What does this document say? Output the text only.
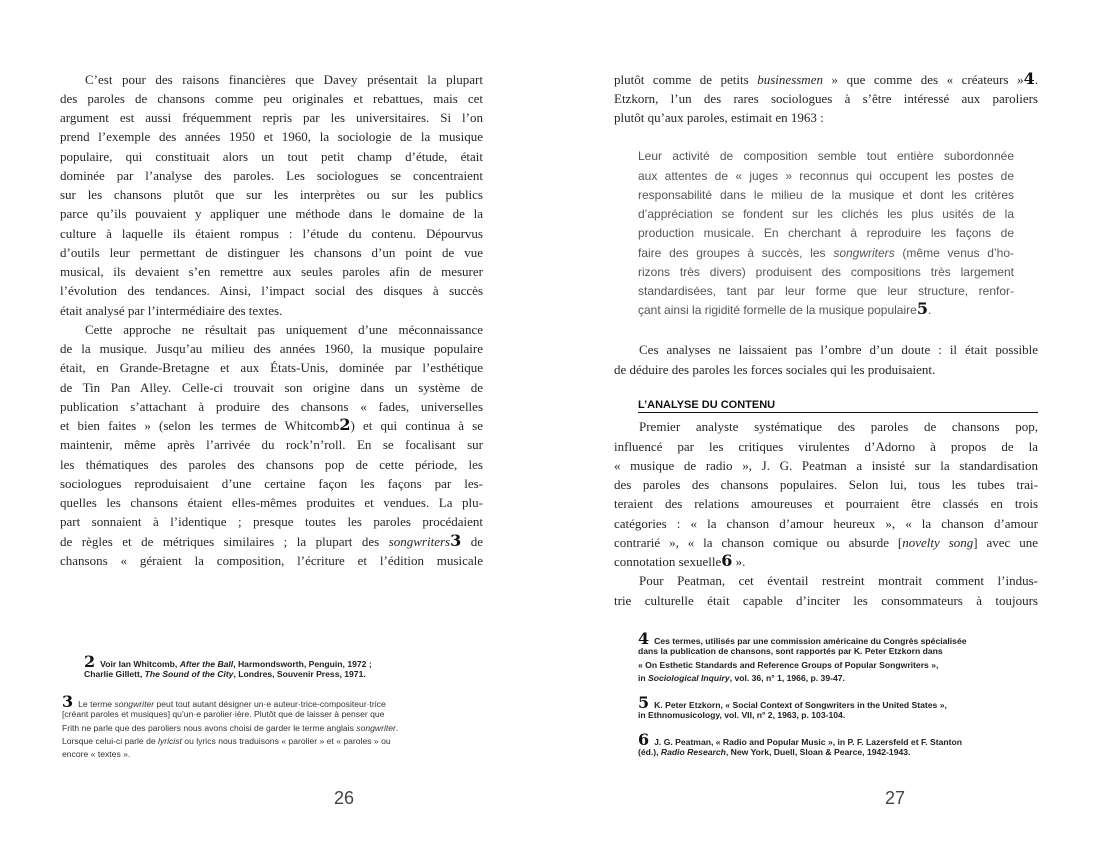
C’est pour des raisons financières que Davey présentait la plupart
des paroles de chansons comme peu originales et rebattues, mais cet
argument est aussi fréquemment repris par les universitaires. Si l’on
prend l’exemple des années 1950 et 1960, la sociologie de la musique
populaire, qui constituait alors un tout petit champ d’étude, était
dominée par l’analyse des paroles. Les sociologues se concentraient
sur les chansons plutôt que sur les interprètes ou sur les publics
parce qu’ils pouvaient y appliquer une méthode dans le domaine de la
culture à laquelle ils étaient rompus : l’étude du contenu. Dépourvus
d’outils leur permettant de distinguer les chansons d’un point de vue
musical, ils devaient s’en remettre aux seules paroles afin de mesurer
l’évolution des tendances. Ainsi, l’impact social des disques à succès
était analysé par l’intermédiaire des textes.
Cette approche ne résultait pas uniquement d’une méconnaissance
de la musique. Jusqu’au milieu des années 1960, la musique populaire
était, en Grande-Bretagne et aux États-Unis, dominée par l’esthétique
de Tin Pan Alley. Celle-ci trouvait son origine dans un système de
publication s’attachant à produire des chansons « fades, universelles
et bien faites » (selon les termes de Whitcomb2) et qui continua à se
maintenir, même après l’arrivée du rock’n’roll. En se focalisant sur
les thématiques des paroles des chansons pop de cette période, les
sociologues reproduisaient d’une certaine façon les façons par les-
quelles les chansons étaient elles-mêmes produites et vendues. La plu-
part sonnaient à l’identique ; presque toutes les paroles procédaient
de règles et de métriques similaires ; la plupart des songwriters3 de
chansons « géraient la composition, l’écriture et l’édition musicale
2 Voir Ian Whitcomb, After the Ball, Harmondsworth, Penguin, 1972 ;
Charlie Gillett, The Sound of the City, Londres, Souvenir Press, 1971.
3 Le terme songwriter peut tout autant désigner un·e auteur·trice-compositeur·trice
[créant paroles et musiques] qu’un·e parolier·ière. Plutôt que de laisser à penser que
Frith ne parle que des paroliers nous avons choisi de garder le terme anglais songwriter.
Lorsque celui-ci parle de lyricist ou lyrics nous traduisons « parolier » et « paroles » ou
encore « textes ».
26
plutôt comme de petits businessmen » que comme des « créateurs »4.
Etzkorn, l’un des rares sociologues à s’être intéressé aux paroliers
plutôt qu’aux paroles, estimait en 1963 :
Leur activité de composition semble tout entière subordonnée
aux attentes de « juges » reconnus qui occupent les postes de
responsabilité dans le milieu de la musique et dont les critères
d’appréciation se fondent sur les clichés les plus usités de la
production musicale. En cherchant à reproduire les façons de
faire des groupes à succès, les songwriters (même venus d’ho-
rizons très divers) produisent des compositions très largement
standardisées, tant par leur forme que leur structure, renfor-
çant ainsi la rigidité formelle de la musique populaire5.
Ces analyses ne laissaient pas l’ombre d’un doute : il était possible
de déduire des paroles les forces sociales qui les produisaient.
L’ANALYSE DU CONTENU
Premier analyste systématique des paroles de chansons pop,
influencé par les critiques virulentes d’Adorno à propos de la
« musique de radio », J. G. Peatman a insisté sur la standardisation
des paroles des chansons populaires. Selon lui, tous les tubes trai-
teraient des relations amoureuses et pourraient être classés en trois
catégories : « la chanson d’amour heureux », « la chanson d’amour
contrarié », « la chanson comique ou absurde [novelty song] avec une
connotation sexuelle6 ».
Pour Peatman, cet éventail restreint montrait comment l’indus-
trie culturelle était capable d’inciter les consommateurs à toujours
4 Ces termes, utilisés par une commission américaine du Congrès spécialisée
dans la publication de chansons, sont rapportés par K. Peter Etzkorn dans
« On Esthetic Standards and Reference Groups of Popular Songwriters »,
in Sociological Inquiry, vol. 36, n° 1, 1966, p. 39-47.
5 K. Peter Etzkorn, « Social Context of Songwriters in the United States »,
in Ethnomusicology, vol. VII, n° 2, 1963, p. 103-104.
6 J. G. Peatman, « Radio and Popular Music », in P. F. Lazersfeld et F. Stanton
(éd.), Radio Research, New York, Duell, Sloan & Pearce, 1942-1943.
27
